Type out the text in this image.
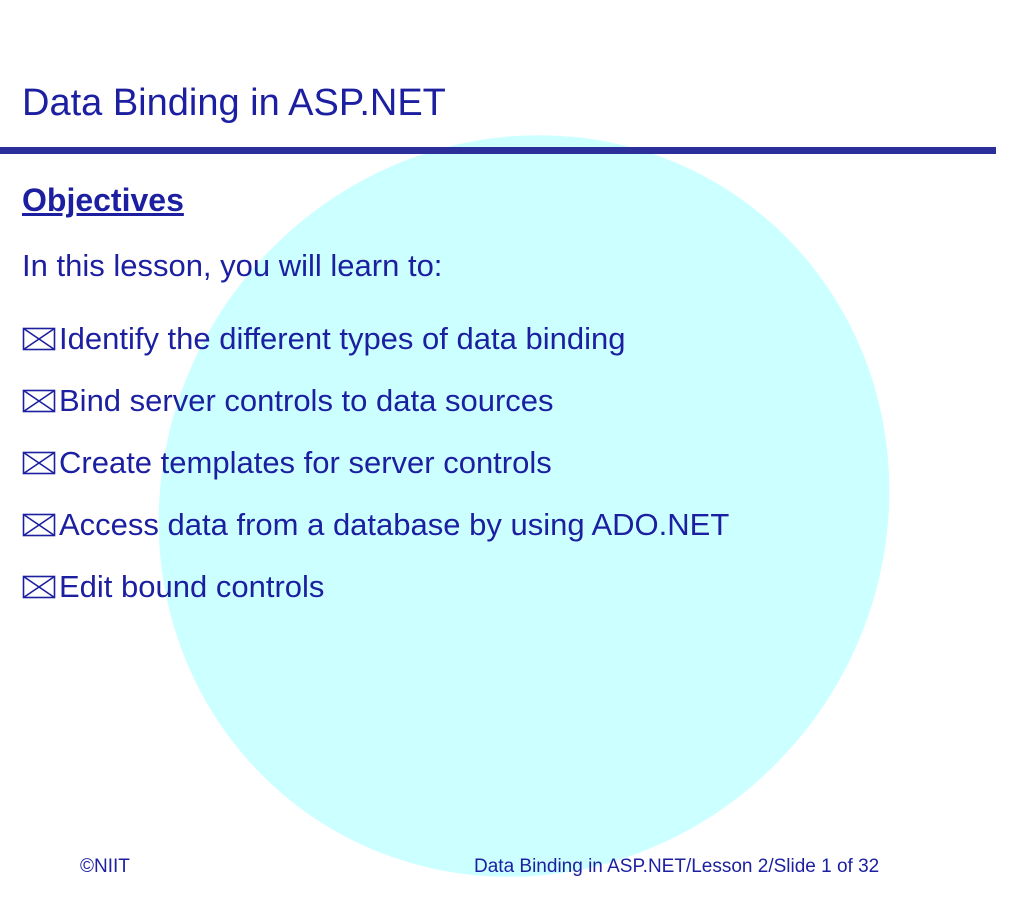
Data Binding in ASP.NET
Objectives
In this lesson, you will learn to:
Identify the different types of data binding
Bind server controls to data sources
Create templates for server controls
Access data from a database by using ADO.NET
Edit bound controls
©NIIT	Data Binding in ASP.NET/Lesson 2/Slide 1 of 32
